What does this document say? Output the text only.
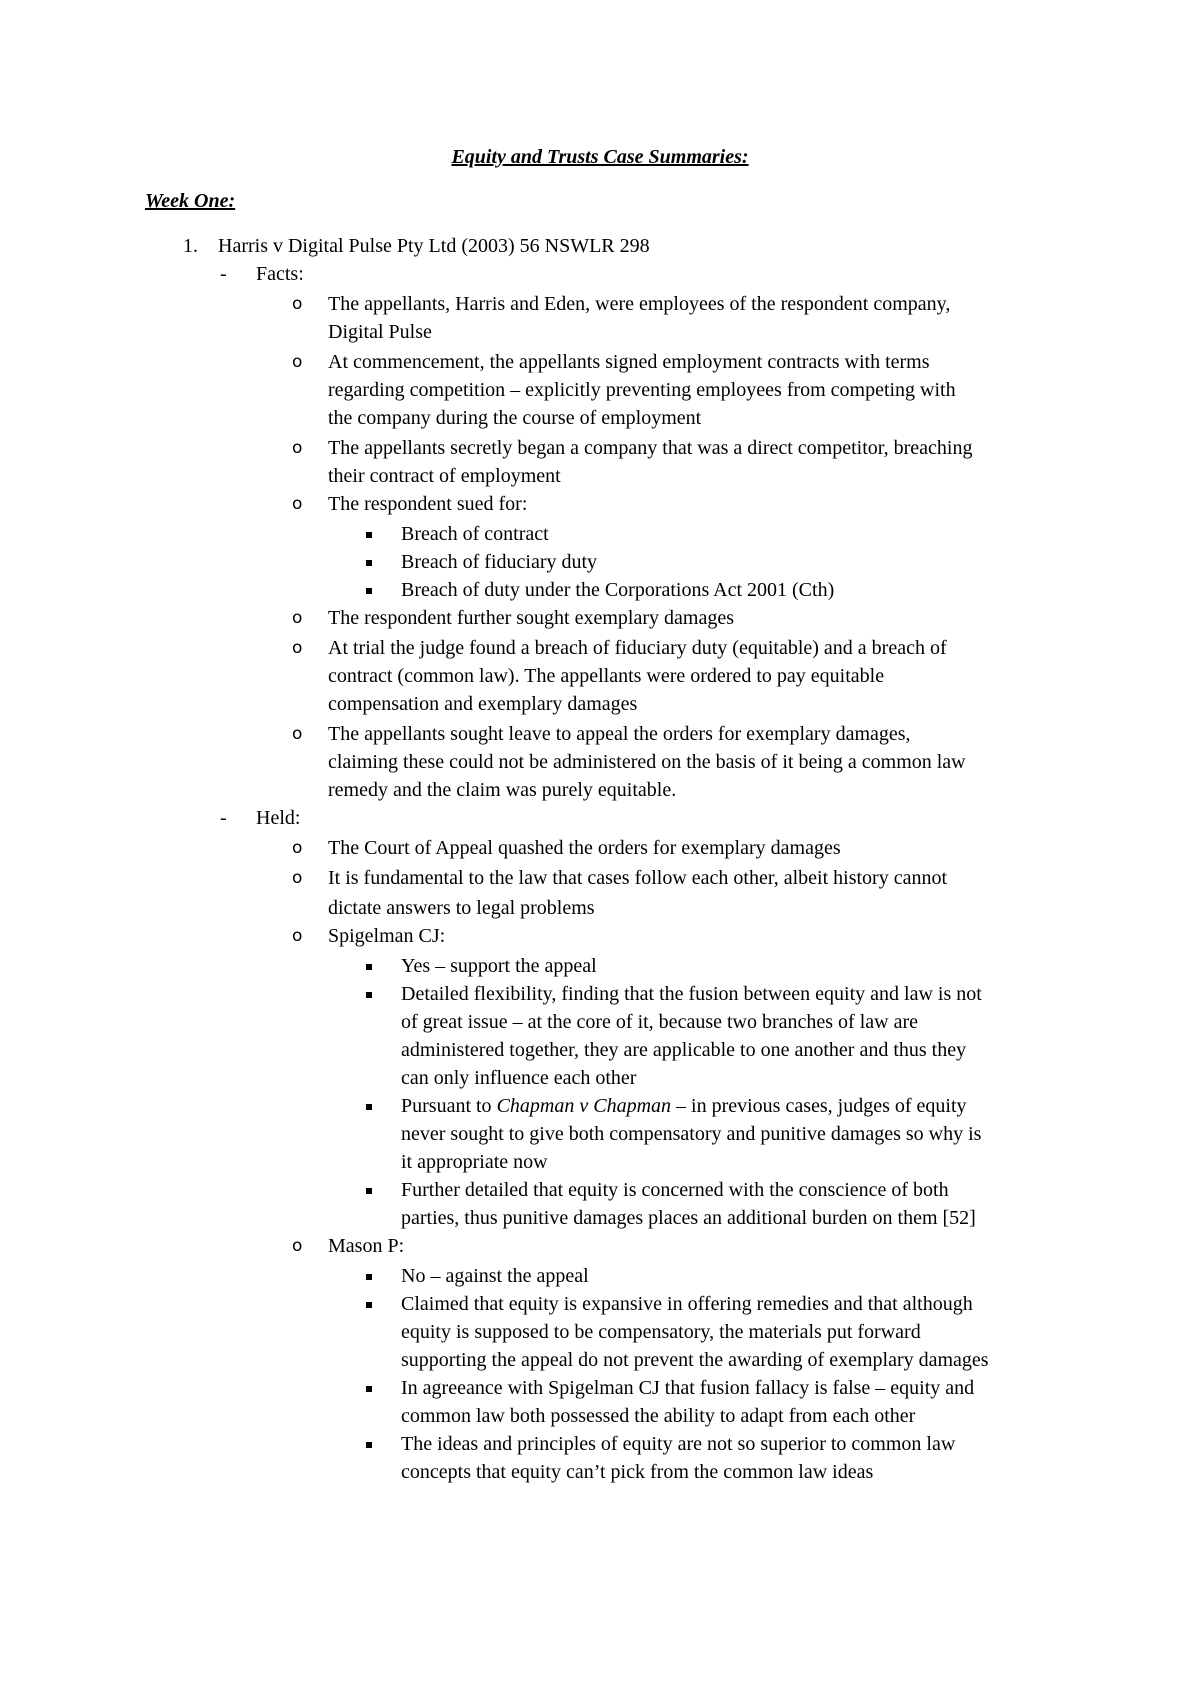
Equity and Trusts Case Summaries:
Week One:
1. Harris v Digital Pulse Pty Ltd (2003) 56 NSWLR 298
- Facts:
o The appellants, Harris and Eden, were employees of the respondent company,
Digital Pulse
o At commencement, the appellants signed employment contracts with terms
regarding competition – explicitly preventing employees from competing with
the company during the course of employment
o The appellants secretly began a company that was a direct competitor, breaching
their contract of employment
o The respondent sued for:
Breach of contract
Breach of fiduciary duty
Breach of duty under the Corporations Act 2001 (Cth)
o The respondent further sought exemplary damages
o At trial the judge found a breach of fiduciary duty (equitable) and a breach of
contract (common law). The appellants were ordered to pay equitable
compensation and exemplary damages
o The appellants sought leave to appeal the orders for exemplary damages,
claiming these could not be administered on the basis of it being a common law
remedy and the claim was purely equitable.
- Held:
o The Court of Appeal quashed the orders for exemplary damages
o It is fundamental to the law that cases follow each other, albeit history cannot
dictate answers to legal problems
o Spigelman CJ:
Yes – support the appeal
Detailed flexibility, finding that the fusion between equity and law is not
of great issue – at the core of it, because two branches of law are
administered together, they are applicable to one another and thus they
can only influence each other
Pursuant to Chapman v Chapman – in previous cases, judges of equity
never sought to give both compensatory and punitive damages so why is
it appropriate now
Further detailed that equity is concerned with the conscience of both
parties, thus punitive damages places an additional burden on them [52]
o Mason P:
No – against the appeal
Claimed that equity is expansive in offering remedies and that although
equity is supposed to be compensatory, the materials put forward
supporting the appeal do not prevent the awarding of exemplary damages
In agreeance with Spigelman CJ that fusion fallacy is false – equity and
common law both possessed the ability to adapt from each other
The ideas and principles of equity are not so superior to common law
concepts that equity can’t pick from the common law ideas
